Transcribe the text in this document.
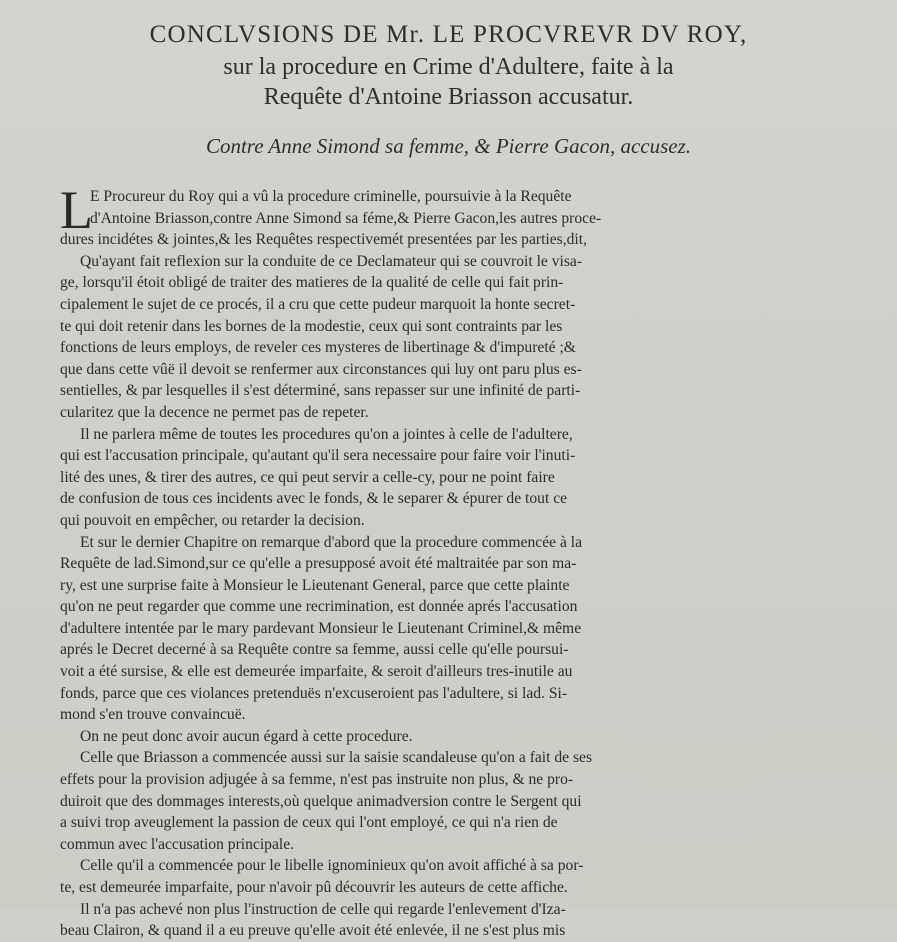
CONCLVSIONS DE Mr. LE PROCVREVR DV ROY,
sur la procedure en Crime d'Adultere, faite à la
Requête d'Antoine Briasson accusatur.
Contre Anne Simond sa femme, & Pierre Gacon, accusez.
L
E Procureur du Roy qui a vû la procedure criminelle, poursuivie à la Requête
d'Antoine Briasson,contre Anne Simond sa féme,& Pierre Gacon,les autres proce-
dures incidétes & jointes,& les Requêtes respectivemét presentées par les parties,dit,
Qu'ayant fait reflexion sur la conduite de ce Declamateur qui se couvroit le visa-
ge, lorsqu'il étoit obligé de traiter des matieres de la qualité de celle qui fait prin-
cipalement le sujet de ce procés, il a cru que cette pudeur marquoit la honte secret-
te qui doit retenir dans les bornes de la modestie, ceux qui sont contraints par les
fonctions de leurs employs, de reveler ces mysteres de libertinage & d'impureté ;&
que dans cette vûë il devoit se renfermer aux circonstances qui luy ont paru plus es-
sentielles, & par lesquelles il s'est déterminé, sans repasser sur une infinité de parti-
cularitez que la decence ne permet pas de repeter.
Il ne parlera même de toutes les procedures qu'on a jointes à celle de l'adultere,
qui est l'accusation principale, qu'autant qu'il sera necessaire pour faire voir l'inuti-
lité des unes, & tirer des autres, ce qui peut servir a celle-cy, pour ne point faire
de confusion de tous ces incidents avec le fonds, & le separer & épurer de tout ce
qui pouvoit en empêcher, ou retarder la decision.
Et sur le dernier Chapitre on remarque d'abord que la procedure commencée à la
Requête de lad.Simond,sur ce qu'elle a presupposé avoit été maltraitée par son ma-
ry, est une surprise faite à Monsieur le Lieutenant General, parce que cette plainte
qu'on ne peut regarder que comme une recrimination, est donnée aprés l'accusation
d'adultere intentée par le mary pardevant Monsieur le Lieutenant Criminel,& même
aprés le Decret decerné à sa Requête contre sa femme, aussi celle qu'elle poursui-
voit a été sursise, & elle est demeurée imparfaite, & seroit d'ailleurs tres-inutile au
fonds, parce que ces violances pretenduës n'excuseroient pas l'adultere, si lad. Si-
mond s'en trouve convaincuë.
On ne peut donc avoir aucun égard à cette procedure.
Celle que Briasson a commencée aussi sur la saisie scandaleuse qu'on a fait de ses
effets pour la provision adjugée à sa femme, n'est pas instruite non plus, & ne pro-
duiroit que des dommages interests,où quelque animadversion contre le Sergent qui
a suivi trop aveuglement la passion de ceux qui l'ont employé, ce qui n'a rien de
commun avec l'accusation principale.
Celle qu'il a commencée pour le libelle ignominieux qu'on avoit affiché à sa por-
te, est demeurée imparfaite, pour n'avoir pû découvrir les auteurs de cette affiche.
Il n'a pas achevé non plus l'instruction de celle qui regarde l'enlevement d'Iza-
beau Clairon, & quand il a eu preuve qu'elle avoit été enlevée, il ne s'est plus mis
